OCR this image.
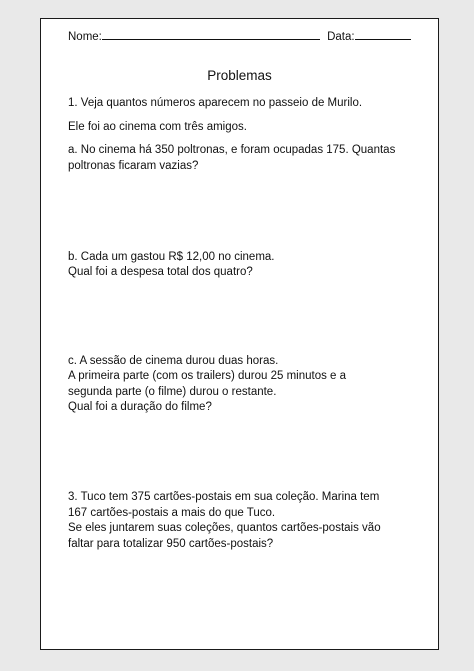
Nome:	Data:
Problemas

1. Veja quantos números aparecem no passeio de Murilo.

Ele foi ao cinema com três amigos.

a. No cinema há 350 poltronas, e foram ocupadas 175. Quantas
poltronas ficaram vazias?

b. Cada um gastou R$ 12,00 no cinema.

Qual foi a despesa total dos quatro?

c. A sessão de cinema durou duas horas.

A primeira parte (com os trailers) durou 25 minutos e a
segunda parte (o filme) durou o restante.

Qual foi a duração do filme?

3. Tuco tem 375 cartões-postais em sua coleção. Marina tem
167 cartões-postais a mais do que Tuco.
Se eles juntarem suas coleções, quantos cartões-postais vão
faltar para totalizar 950 cartões-postais?
